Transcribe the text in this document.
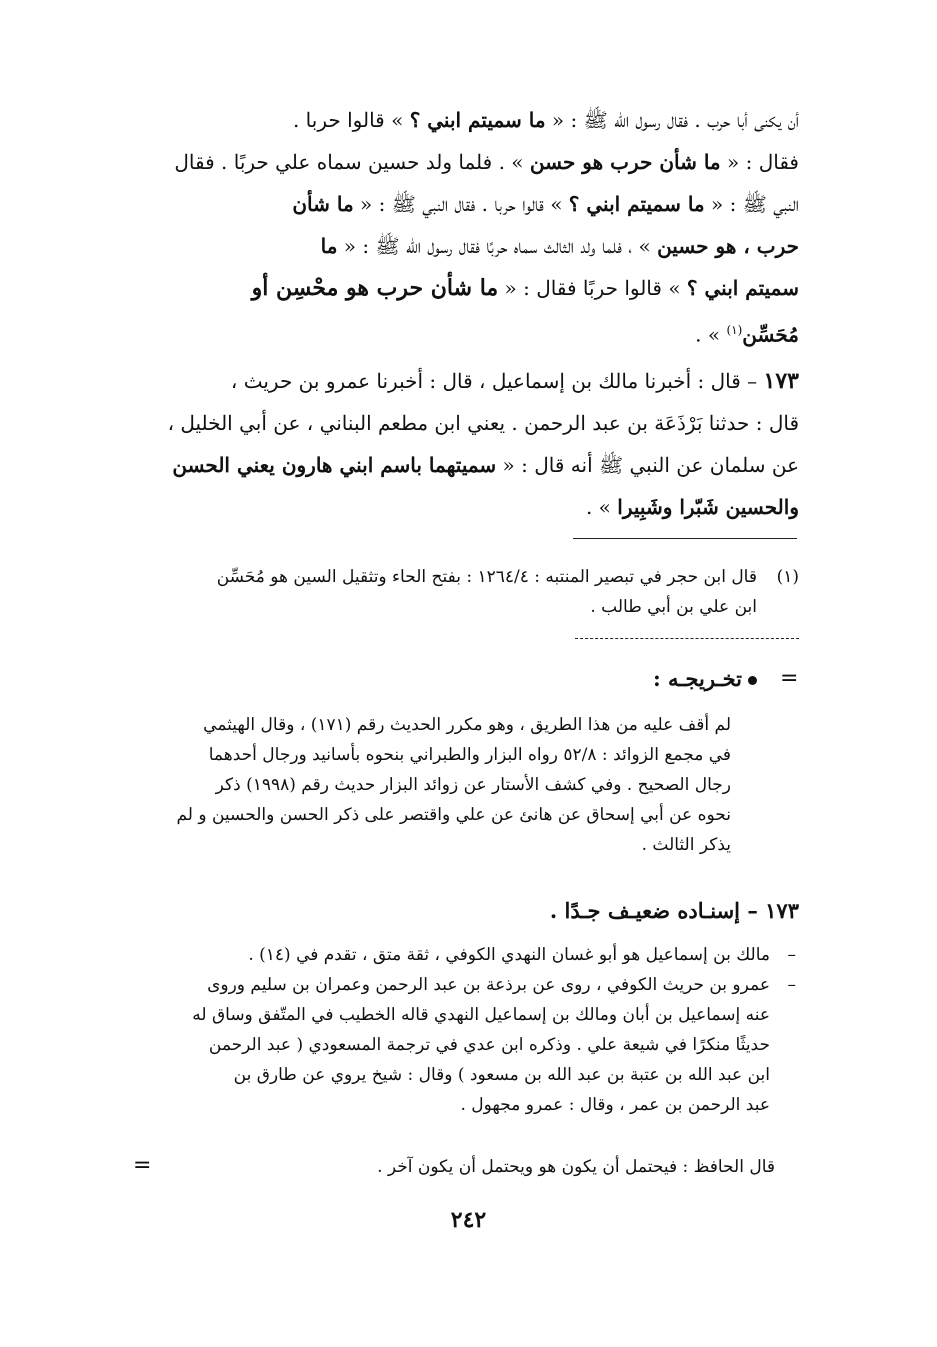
أن يكنى أبا حرب . فقال رسول الله ﷺ : « ما سميتم ابني ؟ » قالوا حربا .
فقال : « ما شأن حرب هو حسن » . فلما ولد حسين سماه علي حربًا . فقال
النبي ﷺ : « ما سميتم ابني ؟ » قالوا حربا . فقال النبي ﷺ : « ما شأن
حرب ، هو حسين » ، فلما ولد الثالث سماه حربًا فقال رسول الله ﷺ : « ما
سميتم ابني ؟ » قالوا حربًا فقال : « ما شأن حرب هو محْسِن أو
مُحَسِّن$^{(١)}$ » .
١٧٣ – قال : أخبرنا مالك بن إسماعيل ، قال : أخبرنا عمرو بن حريث ،
قال : حدثنا بَرْذَعَة بن عبد الرحمن . يعني ابن مطعم البناني ، عن أبي الخليل ،
عن سلمان عن النبي ﷺ أنه قال : « سميتهما باسم ابني هارون يعني الحسن
والحسين شَبّرا وشَبِيرا » .
(١)قال ابن حجر في تبصير المنتبه : ١٢٦٤/٤ : بفتح الحاء وتثقيل السين هو مُحَسِّن
ابن علي بن أبي طالب .
=
تخـريجـه :
لم أقف عليه من هذا الطريق ، وهو مكرر الحديث رقم (١٧١) ، وقال الهيثمي
في مجمع الزوائد : ٥٢/٨ رواه البزار والطبراني بنحوه بأسانيد ورجال أحدهما
رجال الصحيح . وفي كشف الأستار عن زوائد البزار حديث رقم (١٩٩٨) ذكر
نحوه عن أبي إسحاق عن هانئ عن علي واقتصر على ذكر الحسن والحسين و لم
يذكر الثالث .
١٧٣ – إسنـاده ضعيـف جـدًا .
–
مالك بن إسماعيل هو أبو غسان النهدي الكوفي ، ثقة متق ، تقدم في (١٤) .
–
عمرو بن حريث الكوفي ، روى عن برذعة بن عبد الرحمن وعمران بن سليم وروى
عنه إسماعيل بن أبان ومالك بن إسماعيل النهدي قاله الخطيب في المتّفق وساق له
حديثًا منكرًا في شيعة علي . وذكره ابن عدي في ترجمة المسعودي ( عبد الرحمن
ابن عبد الله بن عتبة بن عبد الله بن مسعود ) وقال : شيخ يروي عن طارق بن
عبد الرحمن بن عمر ، وقال : عمرو مجهول .
قال الحافظ : فيحتمل أن يكون هو ويحتمل أن يكون آخر .
=
٢٤٢
